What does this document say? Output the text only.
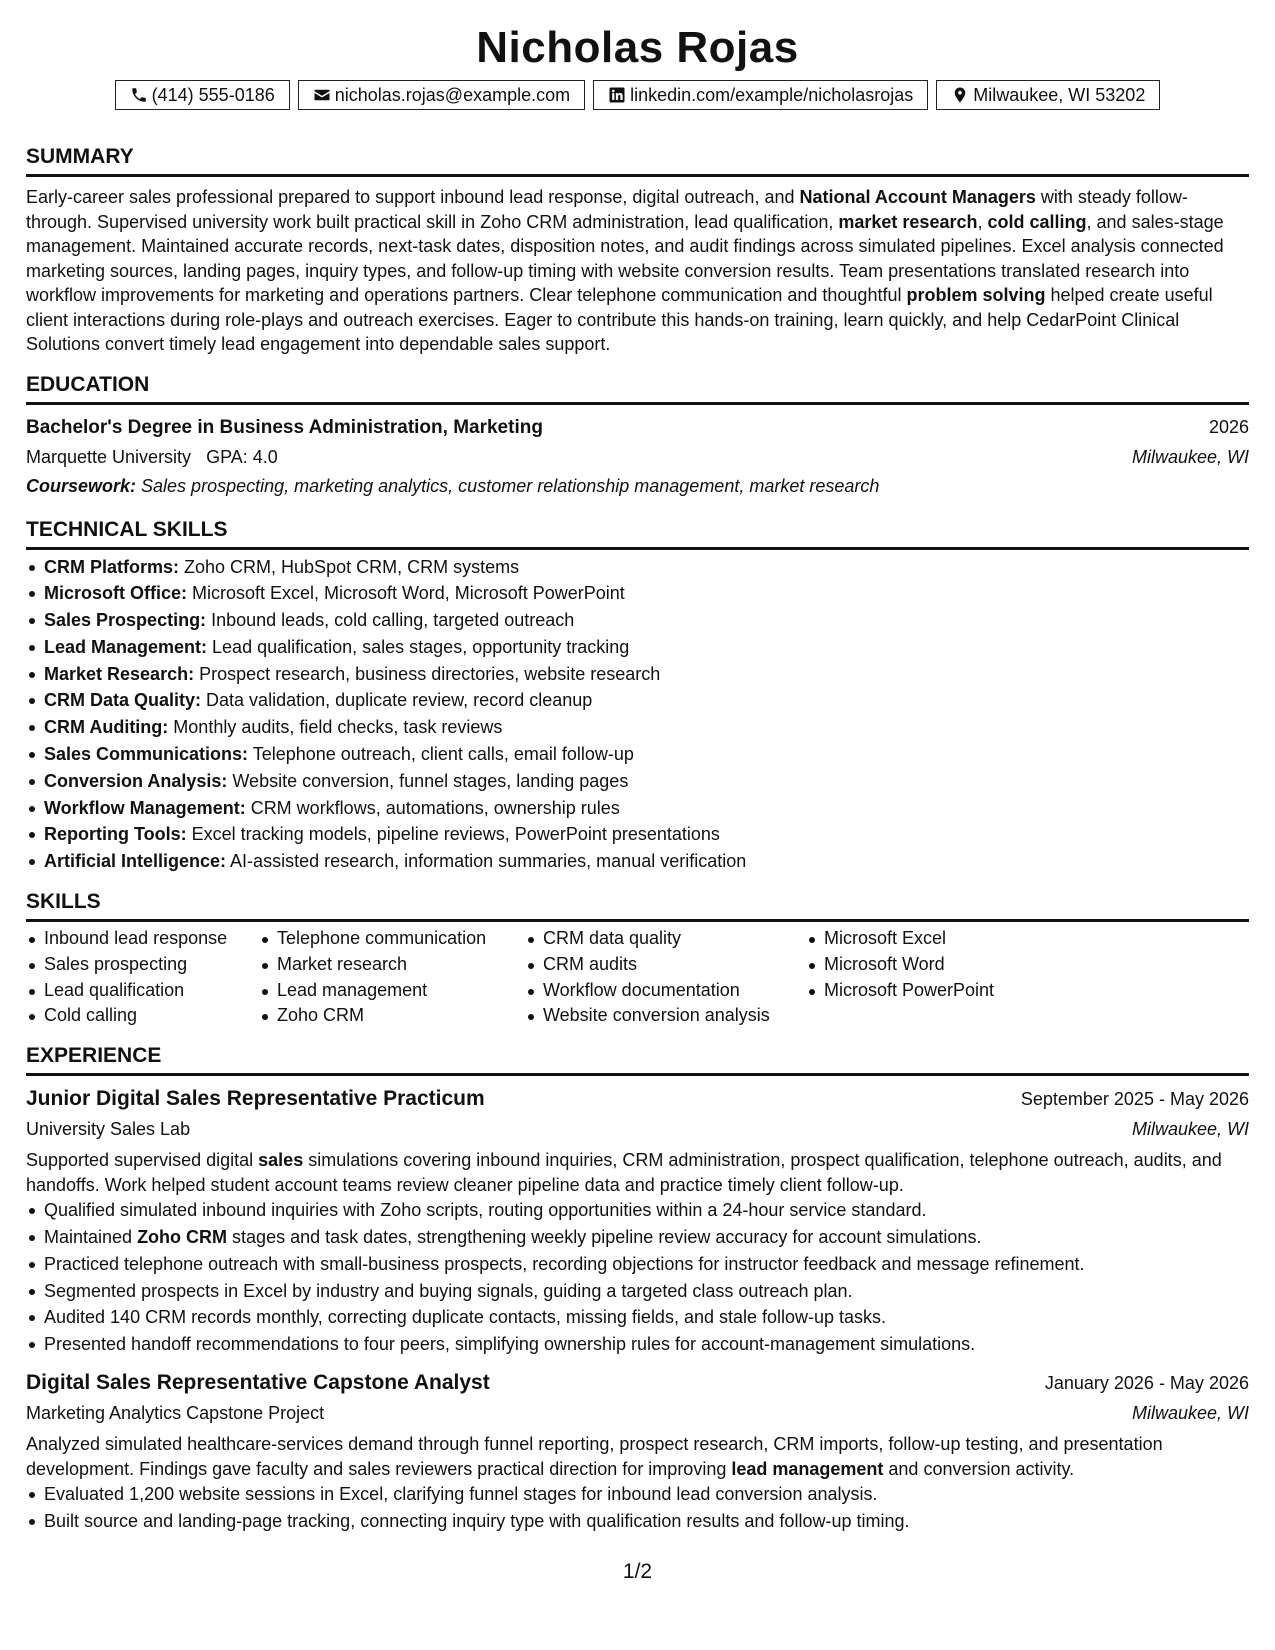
Nicholas Rojas
(414) 555-0186	nicholas.rojas@example.com	linkedin.com/example/nicholasrojas	Milwaukee, WI 53202
SUMMARY

Early-career sales professional prepared to support inbound lead response, digital outreach, and National Account Managers with steady follow-through. Supervised university work built practical skill in Zoho CRM administration, lead qualification, market research, cold calling, and sales-stage management. Maintained accurate records, next-task dates, disposition notes, and audit findings across simulated pipelines. Excel analysis connected marketing sources, landing pages, inquiry types, and follow-up timing with website conversion results. Team presentations translated research into workflow improvements for marketing and operations partners. Clear telephone communication and thoughtful problem solving helped create useful client interactions during role-plays and outreach exercises. Eager to contribute this hands-on training, learn quickly, and help CedarPoint Clinical Solutions convert timely lead engagement into dependable sales support.

EDUCATION
Bachelor's Degree in Business Administration, Marketing	2026
Marquette University GPA: 4.0	Milwaukee, WI
Coursework: Sales prospecting, marketing analytics, customer relationship management, market research
TECHNICAL SKILLS
CRM Platforms: Zoho CRM, HubSpot CRM, CRM systems
Microsoft Office: Microsoft Excel, Microsoft Word, Microsoft PowerPoint
Sales Prospecting: Inbound leads, cold calling, targeted outreach
Lead Management: Lead qualification, sales stages, opportunity tracking
Market Research: Prospect research, business directories, website research
CRM Data Quality: Data validation, duplicate review, record cleanup
CRM Auditing: Monthly audits, field checks, task reviews
Sales Communications: Telephone outreach, client calls, email follow-up
Conversion Analysis: Website conversion, funnel stages, landing pages
Workflow Management: CRM workflows, automations, ownership rules
Reporting Tools: Excel tracking models, pipeline reviews, PowerPoint presentations
Artificial Intelligence: AI-assisted research, information summaries, manual verification
SKILLS
Inbound lead response
Sales prospecting
Lead qualification
Cold calling
Telephone communication
Market research
Lead management
Zoho CRM
CRM data quality
CRM audits
Workflow documentation
Website conversion analysis
Microsoft Excel
Microsoft Word
Microsoft PowerPoint
EXPERIENCE
Junior Digital Sales Representative Practicum	September 2025 - May 2026
University Sales Lab	Milwaukee, WI

Supported supervised digital sales simulations covering inbound inquiries, CRM administration, prospect qualification, telephone outreach, audits, and handoffs. Work helped student account teams review cleaner pipeline data and practice timely client follow-up.

Qualified simulated inbound inquiries with Zoho scripts, routing opportunities within a 24-hour service standard.
Maintained Zoho CRM stages and task dates, strengthening weekly pipeline review accuracy for account simulations.
Practiced telephone outreach with small-business prospects, recording objections for instructor feedback and message refinement.
Segmented prospects in Excel by industry and buying signals, guiding a targeted class outreach plan.
Audited 140 CRM records monthly, correcting duplicate contacts, missing fields, and stale follow-up tasks.
Presented handoff recommendations to four peers, simplifying ownership rules for account-management simulations.
Digital Sales Representative Capstone Analyst	January 2026 - May 2026
Marketing Analytics Capstone Project	Milwaukee, WI

Analyzed simulated healthcare-services demand through funnel reporting, prospect research, CRM imports, follow-up testing, and presentation development. Findings gave faculty and sales reviewers practical direction for improving lead management and conversion activity.

Evaluated 1,200 website sessions in Excel, clarifying funnel stages for inbound lead conversion analysis.
Built source and landing-page tracking, connecting inquiry type with qualification results and follow-up timing.
1/2
